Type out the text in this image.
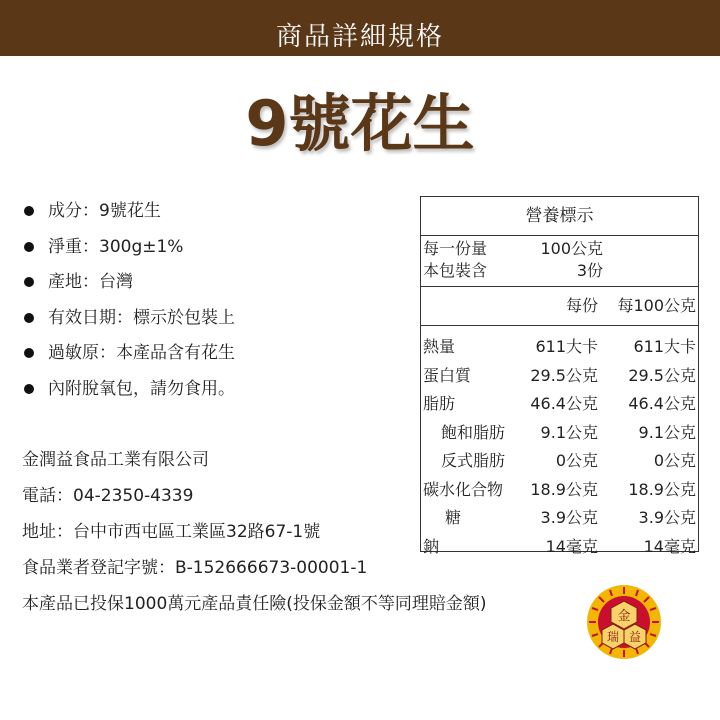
商品詳細規格
9號花生
成分：9號花生
淨重：300g±1%
產地：台灣
有效日期：標示於包裝上
過敏原：本產品含有花生
內附脫氧包，請勿食用。
金潤益食品工業有限公司
電話：04-2350-4339
地址：台中市西屯區工業區32路67-1號
食品業者登記字號：B-152666673-00001-1
本產品已投保1000萬元產品責任險(投保金額不等同理賠金額)
營養標示
每一份量	100公克
本包裝含	3份
每份 每100公克
熱量	611大卡 611大卡
蛋白質	29.5公克 29.5公克
脂肪	46.4公克 46.4公克
飽和脂肪 9.1公克	9.1公克
反式脂肪	0公克	0公克
碳水化合物 18.9公克 18.9公克
糖	3.9公克	3.9公克
鈉	14毫克	14毫克
金
瑞 益
